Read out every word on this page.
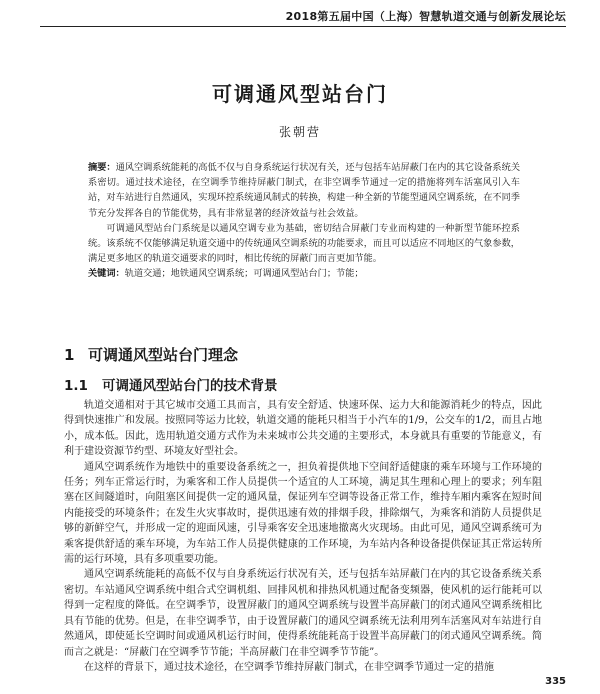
2018第五届中国（上海）智慧轨道交通与创新发展论坛
可调通风型站台门
张朝营

摘要：通风空调系统能耗的高低不仅与自身系统运行状况有关，还与包括车站屏蔽门在内的其它设备系统关系密切。通过技术途径，在空调季节维持屏蔽门制式，在非空调季节通过一定的措施将列车活塞风引入车站，对车站进行自然通风，实现环控系统通风制式的转换，构建一种全新的节能型通风空调系统，在不同季节充分发挥各自的节能优势，具有非常显著的经济效益与社会效益。

可调通风型站台门系统是以通风空调专业为基础，密切结合屏蔽门专业而构建的一种新型节能环控系统。该系统不仅能够满足轨道交通中的传统通风空调系统的功能要求，而且可以适应不同地区的气象参数，满足更多地区的轨道交通要求的同时，相比传统的屏蔽门而言更加节能。

关键词：轨道交通；地铁通风空调系统；可调通风型站台门；节能；

1 可调通风型站台门理念
1.1 可调通风型站台门的技术背景

轨道交通相对于其它城市交通工具而言，具有安全舒适、快速环保、运力大和能源消耗少的特点，因此得到快速推广和发展。按照同等运力比较，轨道交通的能耗只相当于小汽车的1/9，公交车的1/2，而且占地小，成本低。因此，选用轨道交通方式作为未来城市公共交通的主要形式，本身就具有重要的节能意义，有利于建设资源节约型、环境友好型社会。

通风空调系统作为地铁中的重要设备系统之一，担负着提供地下空间舒适健康的乘车环境与工作环境的任务；列车正常运行时，为乘客和工作人员提供一个适宜的人工环境，满足其生理和心理上的要求；列车阻塞在区间隧道时，向阻塞区间提供一定的通风量，保证列车空调等设备正常工作，维持车厢内乘客在短时间内能接受的环境条件；在发生火灾事故时，提供迅速有效的排烟手段，排除烟气，为乘客和消防人员提供足够的新鲜空气，并形成一定的迎面风速，引导乘客安全迅速地撤离火灾现场。由此可见，通风空调系统可为乘客提供舒适的乘车环境，为车站工作人员提供健康的工作环境，为车站内各种设备提供保证其正常运转所需的运行环境，具有多项重要功能。

通风空调系统能耗的高低不仅与自身系统运行状况有关，还与包括车站屏蔽门在内的其它设备系统关系密切。车站通风空调系统中组合式空调机组、回排风机和排热风机通过配备变频器，使风机的运行能耗可以得到一定程度的降低。在空调季节，设置屏蔽门的通风空调系统与设置半高屏蔽门的闭式通风空调系统相比具有节能的优势。但是，在非空调季节，由于设置屏蔽门的通风空调系统无法利用列车活塞风对车站进行自然通风，即使延长空调时间或通风机运行时间，使得系统能耗高于设置半高屏蔽门的闭式通风空调系统。简而言之就是：“屏蔽门在空调季节节能；半高屏蔽门在非空调季节节能”。

在这样的背景下，通过技术途径，在空调季节维持屏蔽门制式，在非空调季节通过一定的措施

335
